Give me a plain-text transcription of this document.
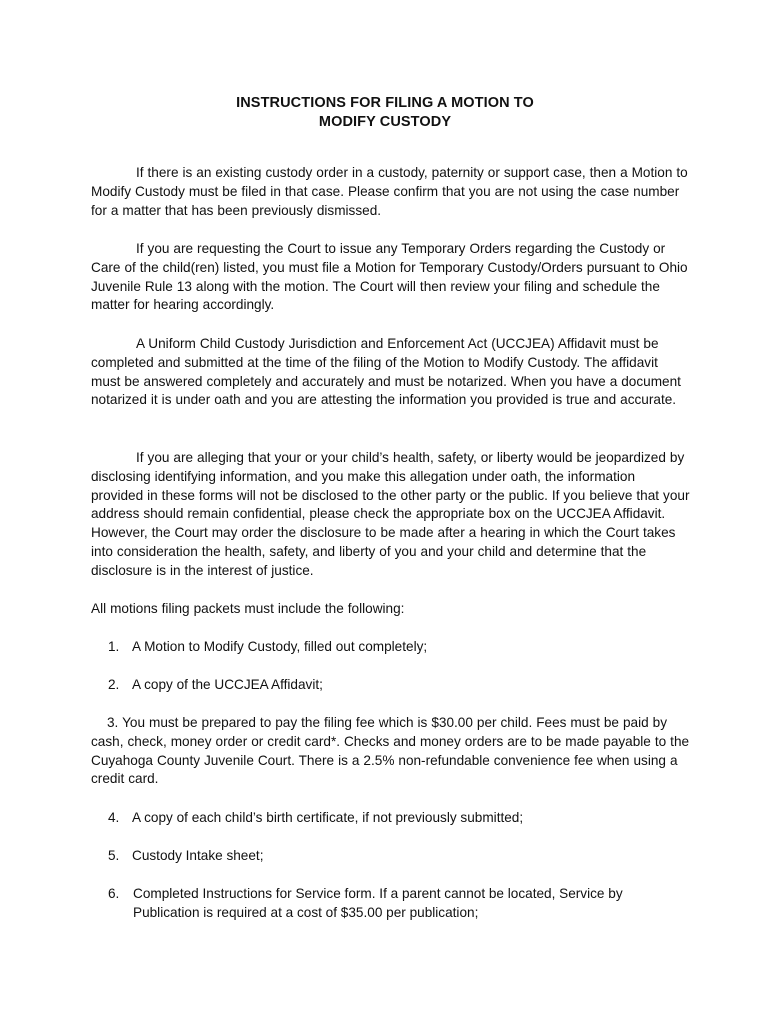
INSTRUCTIONS FOR FILING A MOTION TO
MODIFY CUSTODY
If there is an existing custody order in a custody, paternity or support case, then a Motion to Modify Custody must be filed in that case. Please confirm that you are not using the case number for a matter that has been previously dismissed.
If you are requesting the Court to issue any Temporary Orders regarding the Custody or Care of the child(ren) listed, you must file a Motion for Temporary Custody/Orders pursuant to Ohio Juvenile Rule 13 along with the motion. The Court will then review your filing and schedule the matter for hearing accordingly.
A Uniform Child Custody Jurisdiction and Enforcement Act (UCCJEA) Affidavit must be completed and submitted at the time of the filing of the Motion to Modify Custody. The affidavit must be answered completely and accurately and must be notarized. When you have a document notarized it is under oath and you are attesting the information you provided is true and accurate.
If you are alleging that your or your child’s health, safety, or liberty would be jeopardized by disclosing identifying information, and you make this allegation under oath, the information provided in these forms will not be disclosed to the other party or the public. If you believe that your address should remain confidential, please check the appropriate box on the UCCJEA Affidavit. However, the Court may order the disclosure to be made after a hearing in which the Court takes into consideration the health, safety, and liberty of you and your child and determine that the disclosure is in the interest of justice.
All motions filing packets must include the following:
1. A Motion to Modify Custody, filled out completely;
2. A copy of the UCCJEA Affidavit;
3. You must be prepared to pay the filing fee which is $30.00 per child. Fees must be paid by cash, check, money order or credit card*. Checks and money orders are to be made payable to the Cuyahoga County Juvenile Court. There is a 2.5% non-refundable convenience fee when using a credit card.
4. A copy of each child’s birth certificate, if not previously submitted;
5. Custody Intake sheet;
6. Completed Instructions for Service form. If a parent cannot be located, Service by Publication is required at a cost of $35.00 per publication;
